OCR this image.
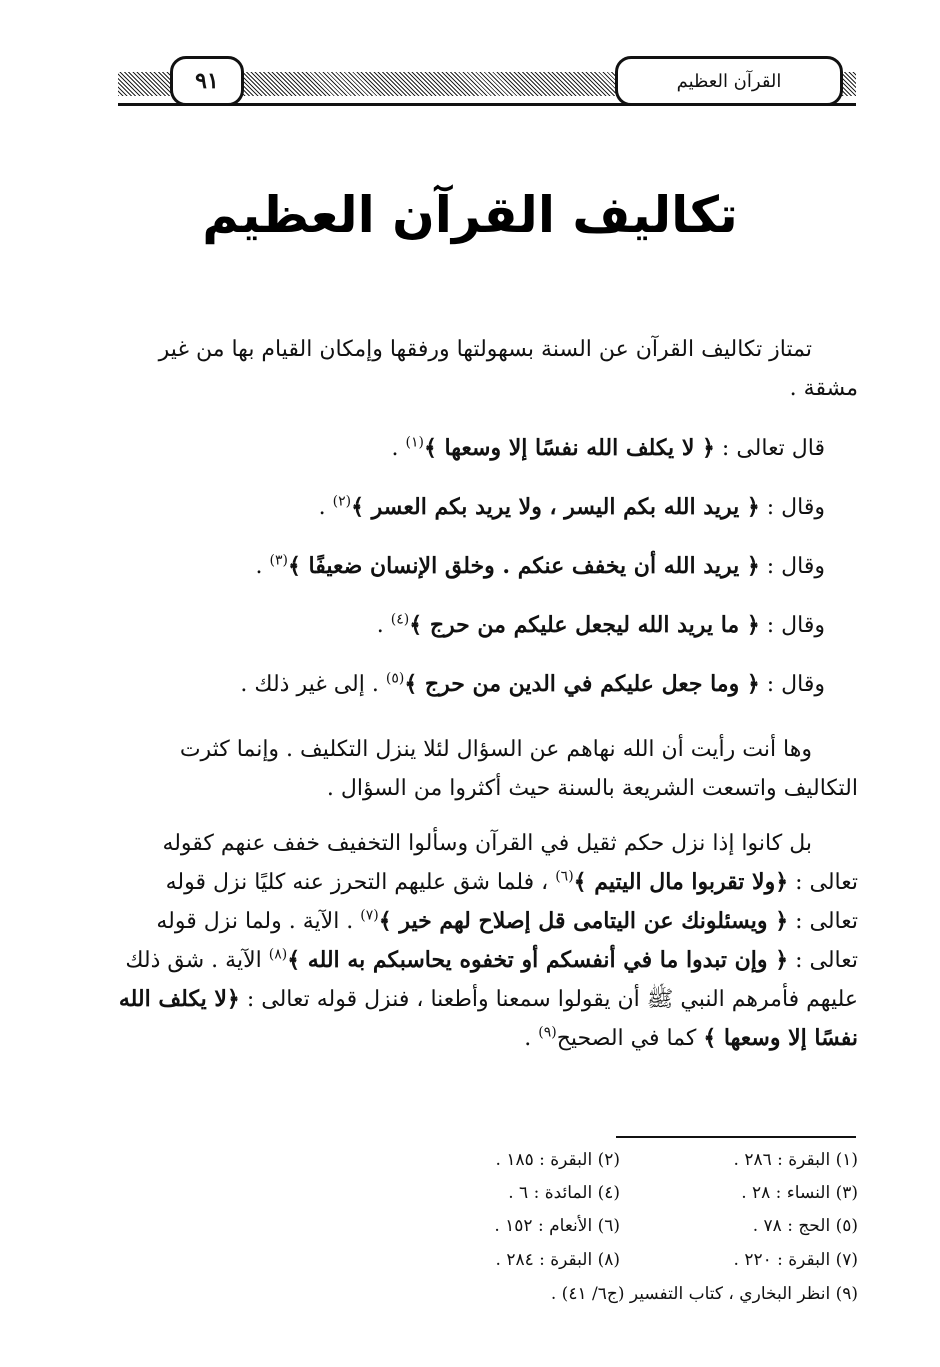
٩١	القرآن العظيم
تكاليف القرآن العظيم
تمتاز تكاليف القرآن عن السنة بسهولتها ورفقها وإمكان القيام بها من غير مشقة .
قال تعالى : ﴿ لا يكلف الله نفسًا إلا وسعها ﴾$^{(١)}$ .
وقال : ﴿ يريد الله بكم اليسر ، ولا يريد بكم العسر ﴾$^{(٢)}$ .
وقال : ﴿ يريد الله أن يخفف عنكم . وخلق الإنسان ضعيفًا ﴾$^{(٣)}$ .
وقال : ﴿ ما يريد الله ليجعل عليكم من حرج ﴾$^{(٤)}$ .
وقال : ﴿ وما جعل عليكم في الدين من حرج ﴾$^{(٥)}$ . إلى غير ذلك .
وها أنت رأيت أن الله نهاهم عن السؤال لئلا ينزل التكليف . وإنما كثرت التكاليف واتسعت الشريعة بالسنة حيث أكثروا من السؤال .
بل كانوا إذا نزل حكم ثقيل في القرآن وسألوا التخفيف خفف عنهم كقوله تعالى : ﴿ولا تقربوا مال اليتيم ﴾$^{(٦)}$ ، فلما شق عليهم التحرز عنه كليًا نزل قوله تعالى : ﴿ ويسئلونك عن اليتامى قل إصلاح لهم خير ﴾$^{(٧)}$ . الآية . ولما نزل قوله تعالى : ﴿ وإن تبدوا ما في أنفسكم أو تخفوه يحاسبكم به الله ﴾$^{(٨)}$ الآية . شق ذلك عليهم فأمرهم النبي ﷺ أن يقولوا سمعنا وأطعنا ، فنزل قوله تعالى : ﴿لا يكلف الله نفسًا إلا وسعها ﴾ كما في الصحيح$^{(٩)}$ .
(١) البقرة : ٢٨٦ .
(٢) البقرة : ١٨٥ .
(٣) النساء : ٢٨ .
(٤) المائدة : ٦ .
(٥) الحج : ٧٨ .
(٦) الأنعام : ١٥٢ .
(٧) البقرة : ٢٢٠ .
(٨) البقرة : ٢٨٤ .
(٩) انظر البخاري ، كتاب التفسير (ج٦/ ٤١) .
